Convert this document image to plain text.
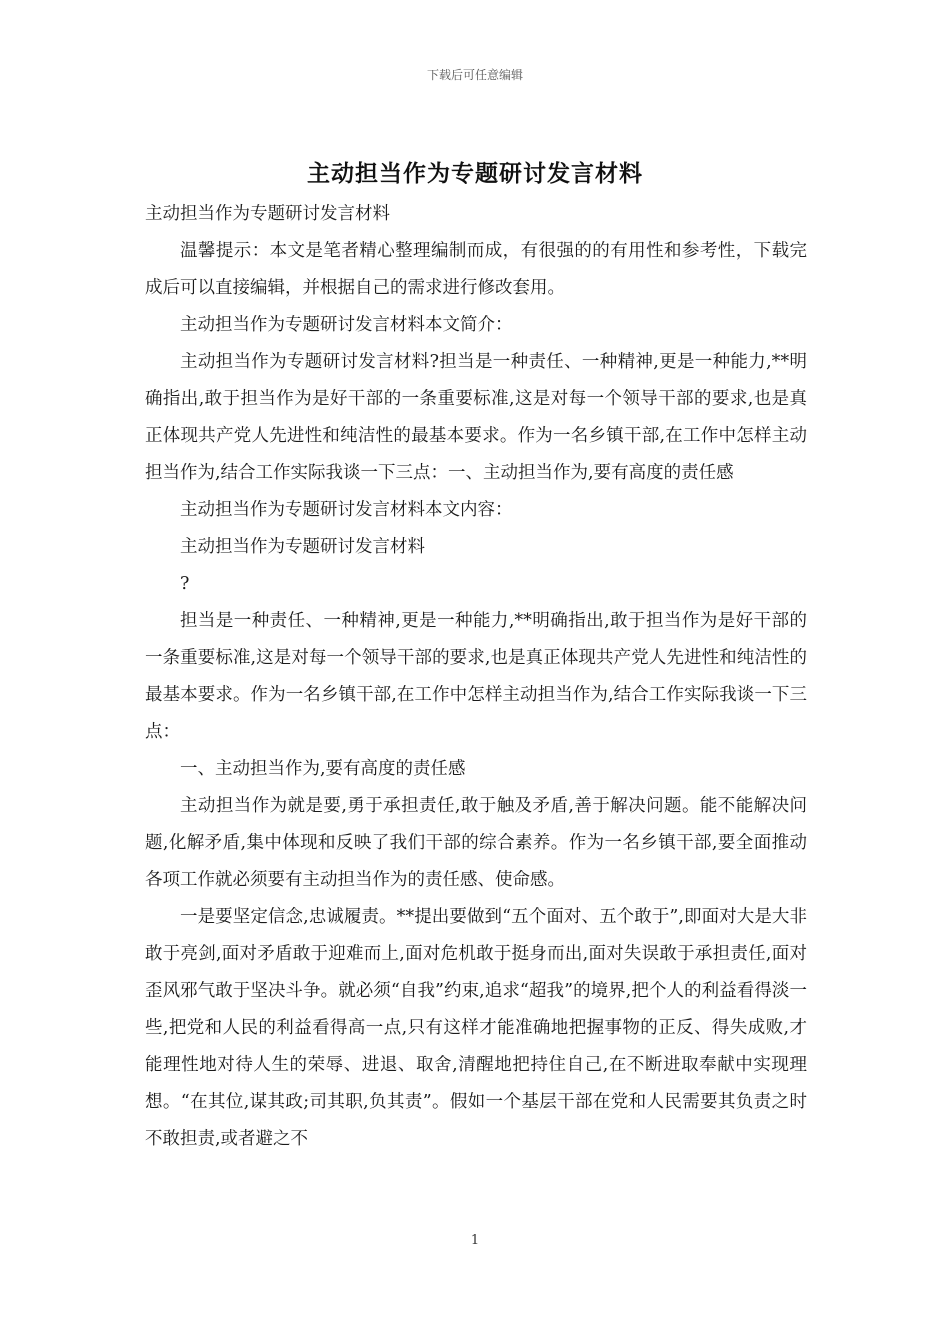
下载后可任意编辑
主动担当作为专题研讨发言材料

主动担当作为专题研讨发言材料

温馨提示：本文是笔者精心整理编制而成，有很强的的有用性和参考性，下载完成后可以直接编辑，并根据自己的需求进行修改套用。

主动担当作为专题研讨发言材料本文简介：

主动担当作为专题研讨发言材料?担当是一种责任、一种精神,更是一种能力,**明确指出,敢于担当作为是好干部的一条重要标准,这是对每一个领导干部的要求,也是真正体现共产党人先进性和纯洁性的最基本要求。作为一名乡镇干部,在工作中怎样主动担当作为,结合工作实际我谈一下三点：一、主动担当作为,要有高度的责任感

主动担当作为专题研讨发言材料本文内容：

主动担当作为专题研讨发言材料

?

担当是一种责任、一种精神,更是一种能力,**明确指出,敢于担当作为是好干部的一条重要标准,这是对每一个领导干部的要求,也是真正体现共产党人先进性和纯洁性的最基本要求。作为一名乡镇干部,在工作中怎样主动担当作为,结合工作实际我谈一下三点：

一、主动担当作为,要有高度的责任感

主动担当作为就是要,勇于承担责任,敢于触及矛盾,善于解决问题。能不能解决问题,化解矛盾,集中体现和反映了我们干部的综合素养。作为一名乡镇干部,要全面推动各项工作就必须要有主动担当作为的责任感、使命感。

一是要坚定信念,忠诚履责。**提出要做到“五个面对、五个敢于”,即面对大是大非敢于亮剑,面对矛盾敢于迎难而上,面对危机敢于挺身而出,面对失误敢于承担责任,面对歪风邪气敢于坚决斗争。就必须“自我”约束,追求“超我”的境界,把个人的利益看得淡一些,把党和人民的利益看得高一点,只有这样才能准确地把握事物的正反、得失成败,才能理性地对待人生的荣辱、进退、取舍,清醒地把持住自己,在不断进取奉献中实现理想。“在其位,谋其政;司其职,负其责”。假如一个基层干部在党和人民需要其负责之时不敢担责,或者避之不

1
